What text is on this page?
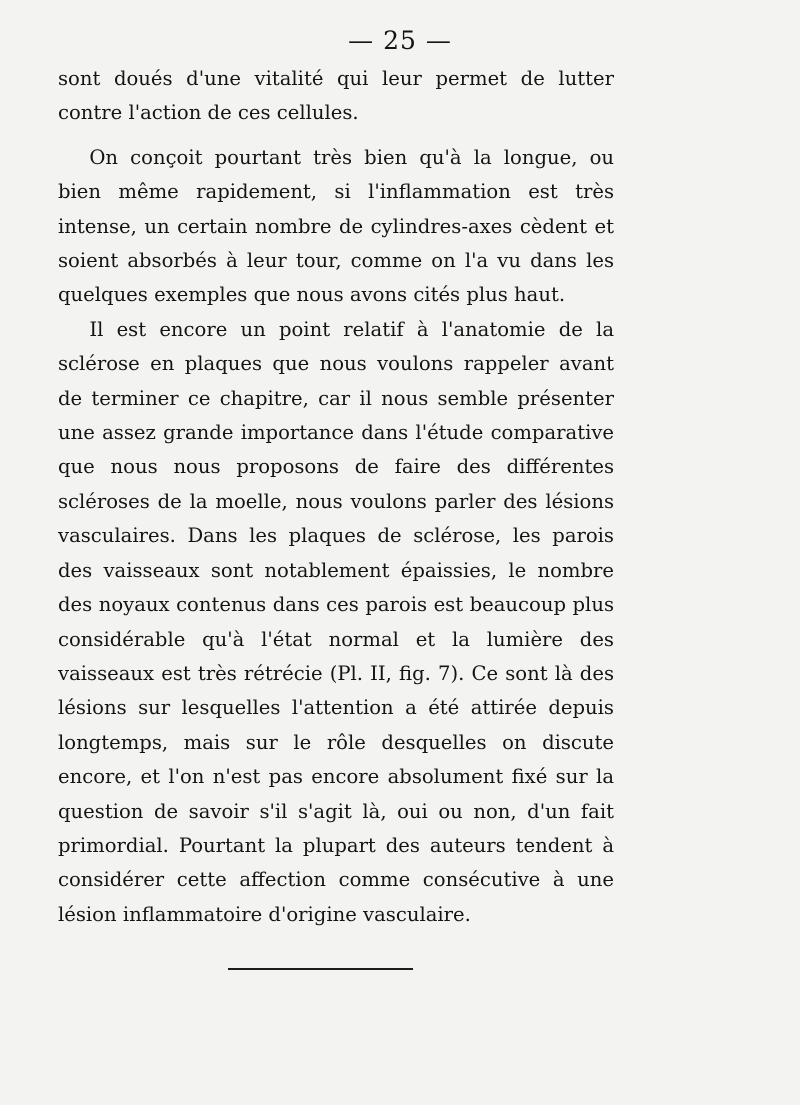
— 25 —

sont doués d'une vitalité qui leur permet de lutter contre l'action de ces cellules.

On conçoit pourtant très bien qu'à la longue, ou bien même rapidement, si l'inflammation est très intense, un certain nombre de cylindres-axes cèdent et soient absorbés à leur tour, comme on l'a vu dans les quelques exemples que nous avons cités plus haut.

Il est encore un point relatif à l'anatomie de la sclérose en plaques que nous voulons rappeler avant de terminer ce chapitre, car il nous semble présenter une assez grande importance dans l'étude comparative que nous nous proposons de faire des différentes scléroses de la moelle, nous voulons parler des lésions vasculaires. Dans les plaques de sclérose, les parois des vaisseaux sont notablement épaissies, le nombre des noyaux contenus dans ces parois est beaucoup plus considérable qu'à l'état normal et la lumière des vaisseaux est très rétrécie (Pl. II, fig. 7). Ce sont là des lésions sur lesquelles l'attention a été attirée depuis longtemps, mais sur le rôle desquelles on discute encore, et l'on n'est pas encore absolument fixé sur la question de savoir s'il s'agit là, oui ou non, d'un fait primordial. Pourtant la plupart des auteurs tendent à considérer cette affection comme consécutive à une lésion inflammatoire d'origine vasculaire.
